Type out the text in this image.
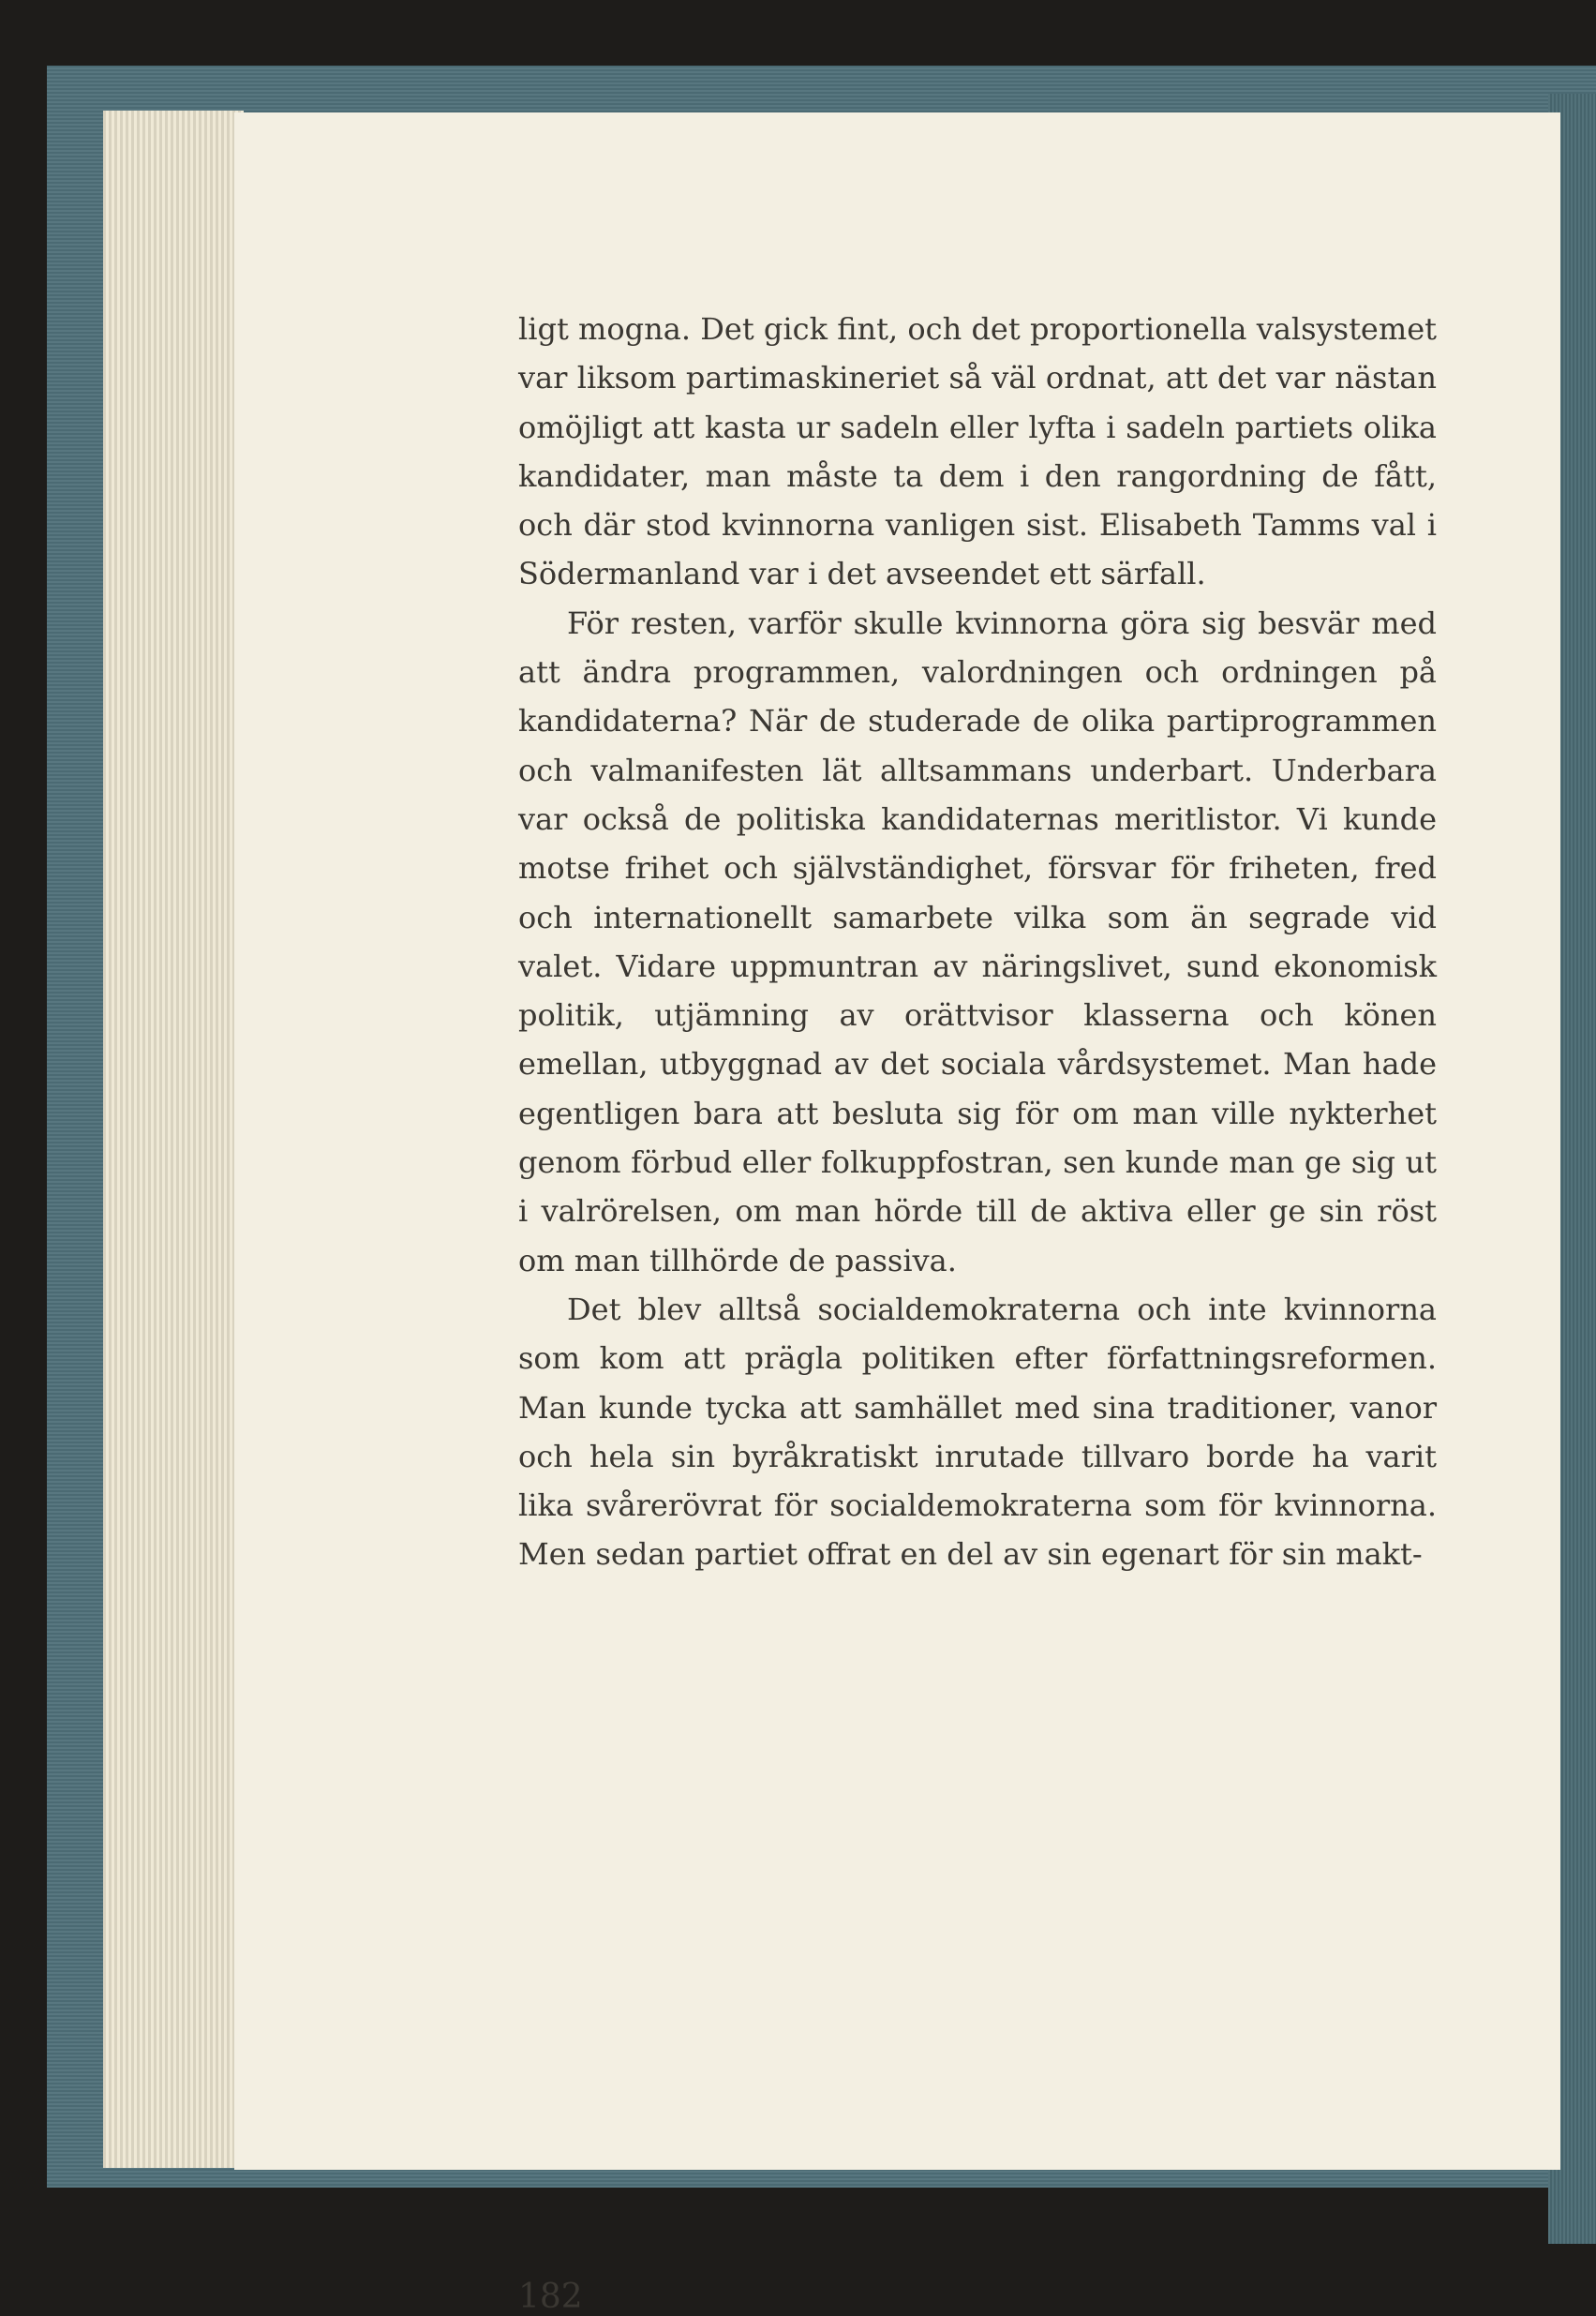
ligt mogna. Det gick fint, och det proportionella valsystemet var liksom partimaskineriet så väl ordnat, att det var nästan omöjligt att kasta ur sadeln eller lyfta i sadeln partiets olika kandidater, man måste ta dem i den rangordning de fått, och där stod kvinnorna vanligen sist. Elisabeth Tamms val i Södermanland var i det avseendet ett särfall.

För resten, varför skulle kvinnorna göra sig besvär med att ändra programmen, valordningen och ordningen på kandidaterna? När de studerade de olika partiprogrammen och valmanifesten lät alltsammans underbart. Underbara var också de politiska kandidaternas meritlistor. Vi kunde motse frihet och självständighet, försvar för friheten, fred och internationellt samarbete vilka som än segrade vid valet. Vidare uppmuntran av näringslivet, sund ekonomisk politik, utjämning av orättvisor klasserna och könen emellan, utbyggnad av det sociala vårdsystemet. Man hade egentligen bara att besluta sig för om man ville nykterhet genom förbud eller folkuppfostran, sen kunde man ge sig ut i valrörelsen, om man hörde till de aktiva eller ge sin röst om man tillhörde de passiva.

Det blev alltså socialdemokraterna och inte kvinnorna som kom att prägla politiken efter författningsreformen. Man kunde tycka att samhället med sina traditioner, vanor och hela sin byråkratiskt inrutade tillvaro borde ha varit lika svårerövrat för socialdemokraterna som för kvinnorna. Men sedan partiet offrat en del av sin egenart för sin makt-

182
